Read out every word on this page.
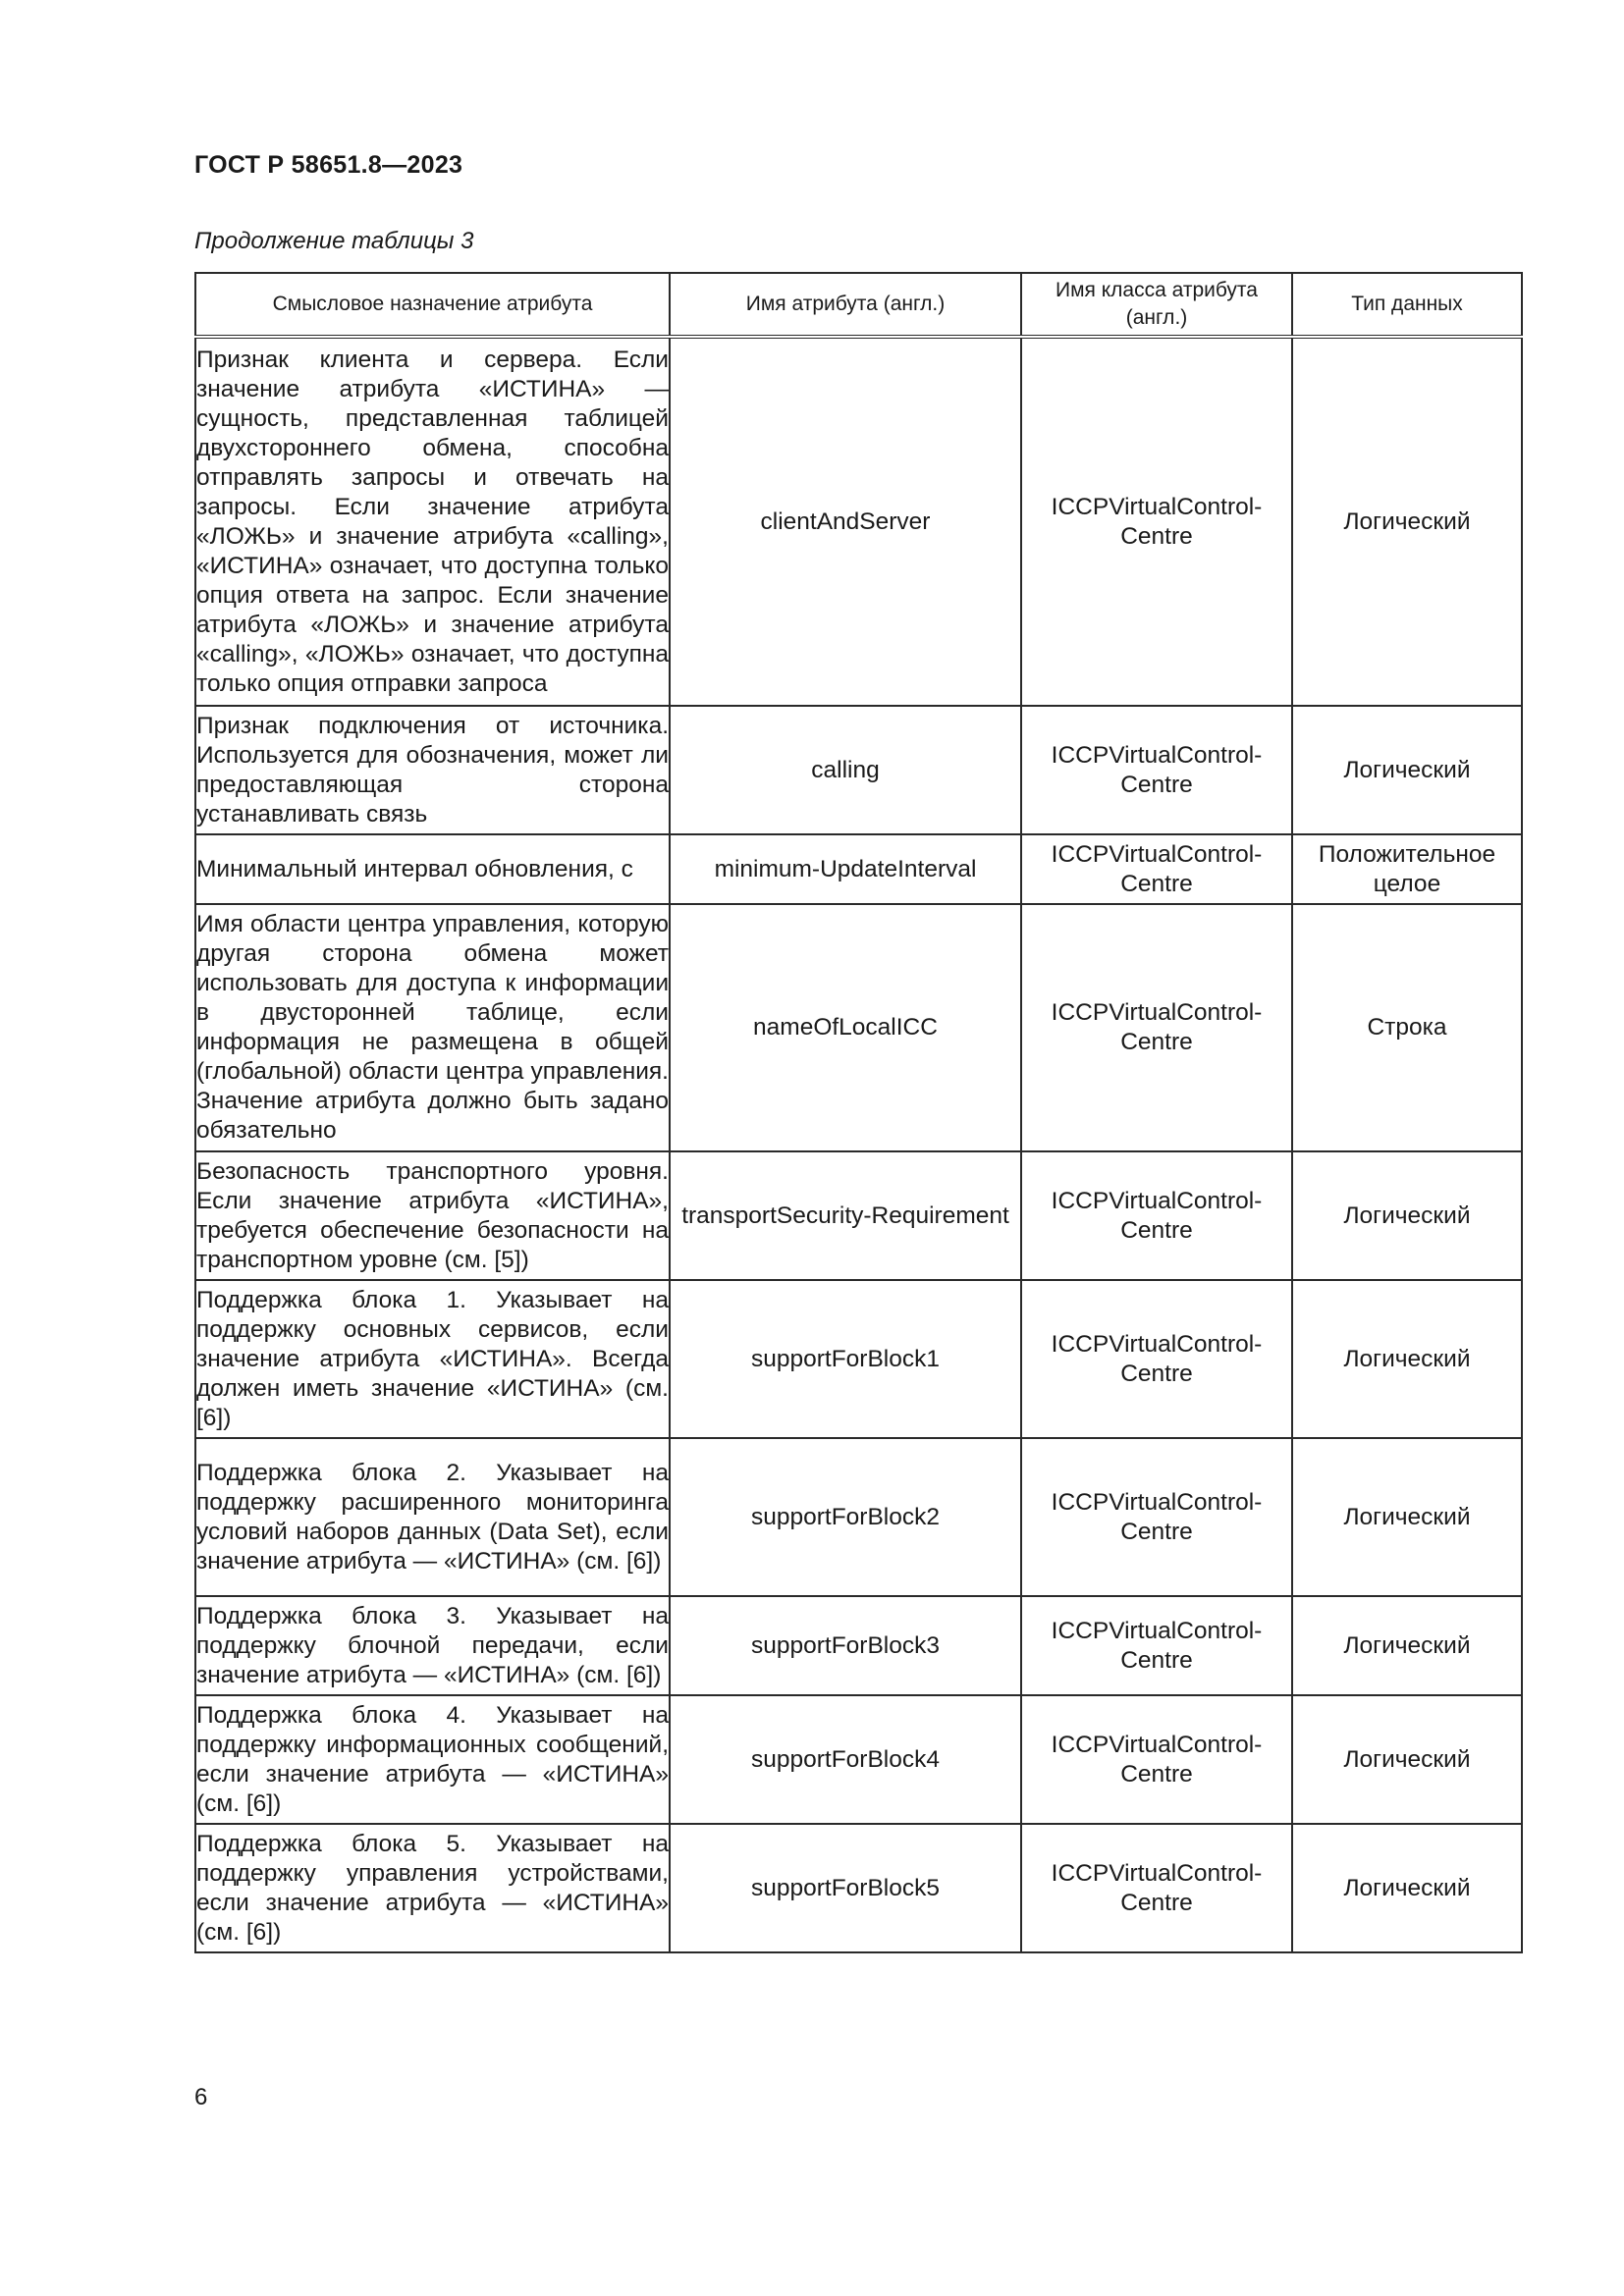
ГОСТ Р 58651.8—2023
Продолжение таблицы 3
Смысловое назначение атрибута	Имя атрибута (англ.)	Имя класса атрибута (англ.)	Тип данных
Признак клиента и сервера. Если значение атрибута «ИСТИНА» — сущность, представленная таблицей двухстороннего обмена, способна отправлять запросы и отвечать на запросы. Если значение атрибута «ЛОЖЬ» и значение атрибута «calling», «ИСТИНА» означает, что доступна только опция ответа на запрос. Если значение атрибута «ЛОЖЬ» и значение атрибута «calling», «ЛОЖЬ» означает, что доступна только опция отправки запроса	clientAndServer	ICCPVirtualControl-Centre	Логический
Признак подключения от источника. Используется для обозначения, может ли предоставляющая сторона устанавливать связь	calling	ICCPVirtualControl-Centre	Логический
Минимальный интервал обновления, с	minimum-UpdateInterval	ICCPVirtualControl-Centre	Положительное целое
Имя области центра управления, которую другая сторона обмена может использовать для доступа к информации в двусторонней таблице, если информация не размещена в общей (глобальной) области центра управления. Значение атрибута должно быть задано обязательно	nameOfLocalICC	ICCPVirtualControl-Centre	Строка
Безопасность транспортного уровня. Если значение атрибута «ИСТИНА», требуется обеспечение безопасности на транспортном уровне (см. [5])	transportSecurity-Requirement	ICCPVirtualControl-Centre	Логический
Поддержка блока 1. Указывает на поддержку основных сервисов, если значение атрибута «ИСТИНА». Всегда должен иметь значение «ИСТИНА» (см. [6])	supportForBlock1	ICCPVirtualControl-Centre	Логический
Поддержка блока 2. Указывает на поддержку расширенного мониторинга условий наборов данных (Data Set), если значение атрибута — «ИСТИНА» (см. [6])	supportForBlock2	ICCPVirtualControl-Centre	Логический
Поддержка блока 3. Указывает на поддержку блочной передачи, если значение атрибута — «ИСТИНА» (см. [6])	supportForBlock3	ICCPVirtualControl-Centre	Логический
Поддержка блока 4. Указывает на поддержку информационных сообщений, если значение атрибута — «ИСТИНА» (см. [6])	supportForBlock4	ICCPVirtualControl-Centre	Логический
Поддержка блока 5. Указывает на поддержку управления устройствами, если значение атрибута — «ИСТИНА» (см. [6])	supportForBlock5	ICCPVirtualControl-Centre	Логический
6
